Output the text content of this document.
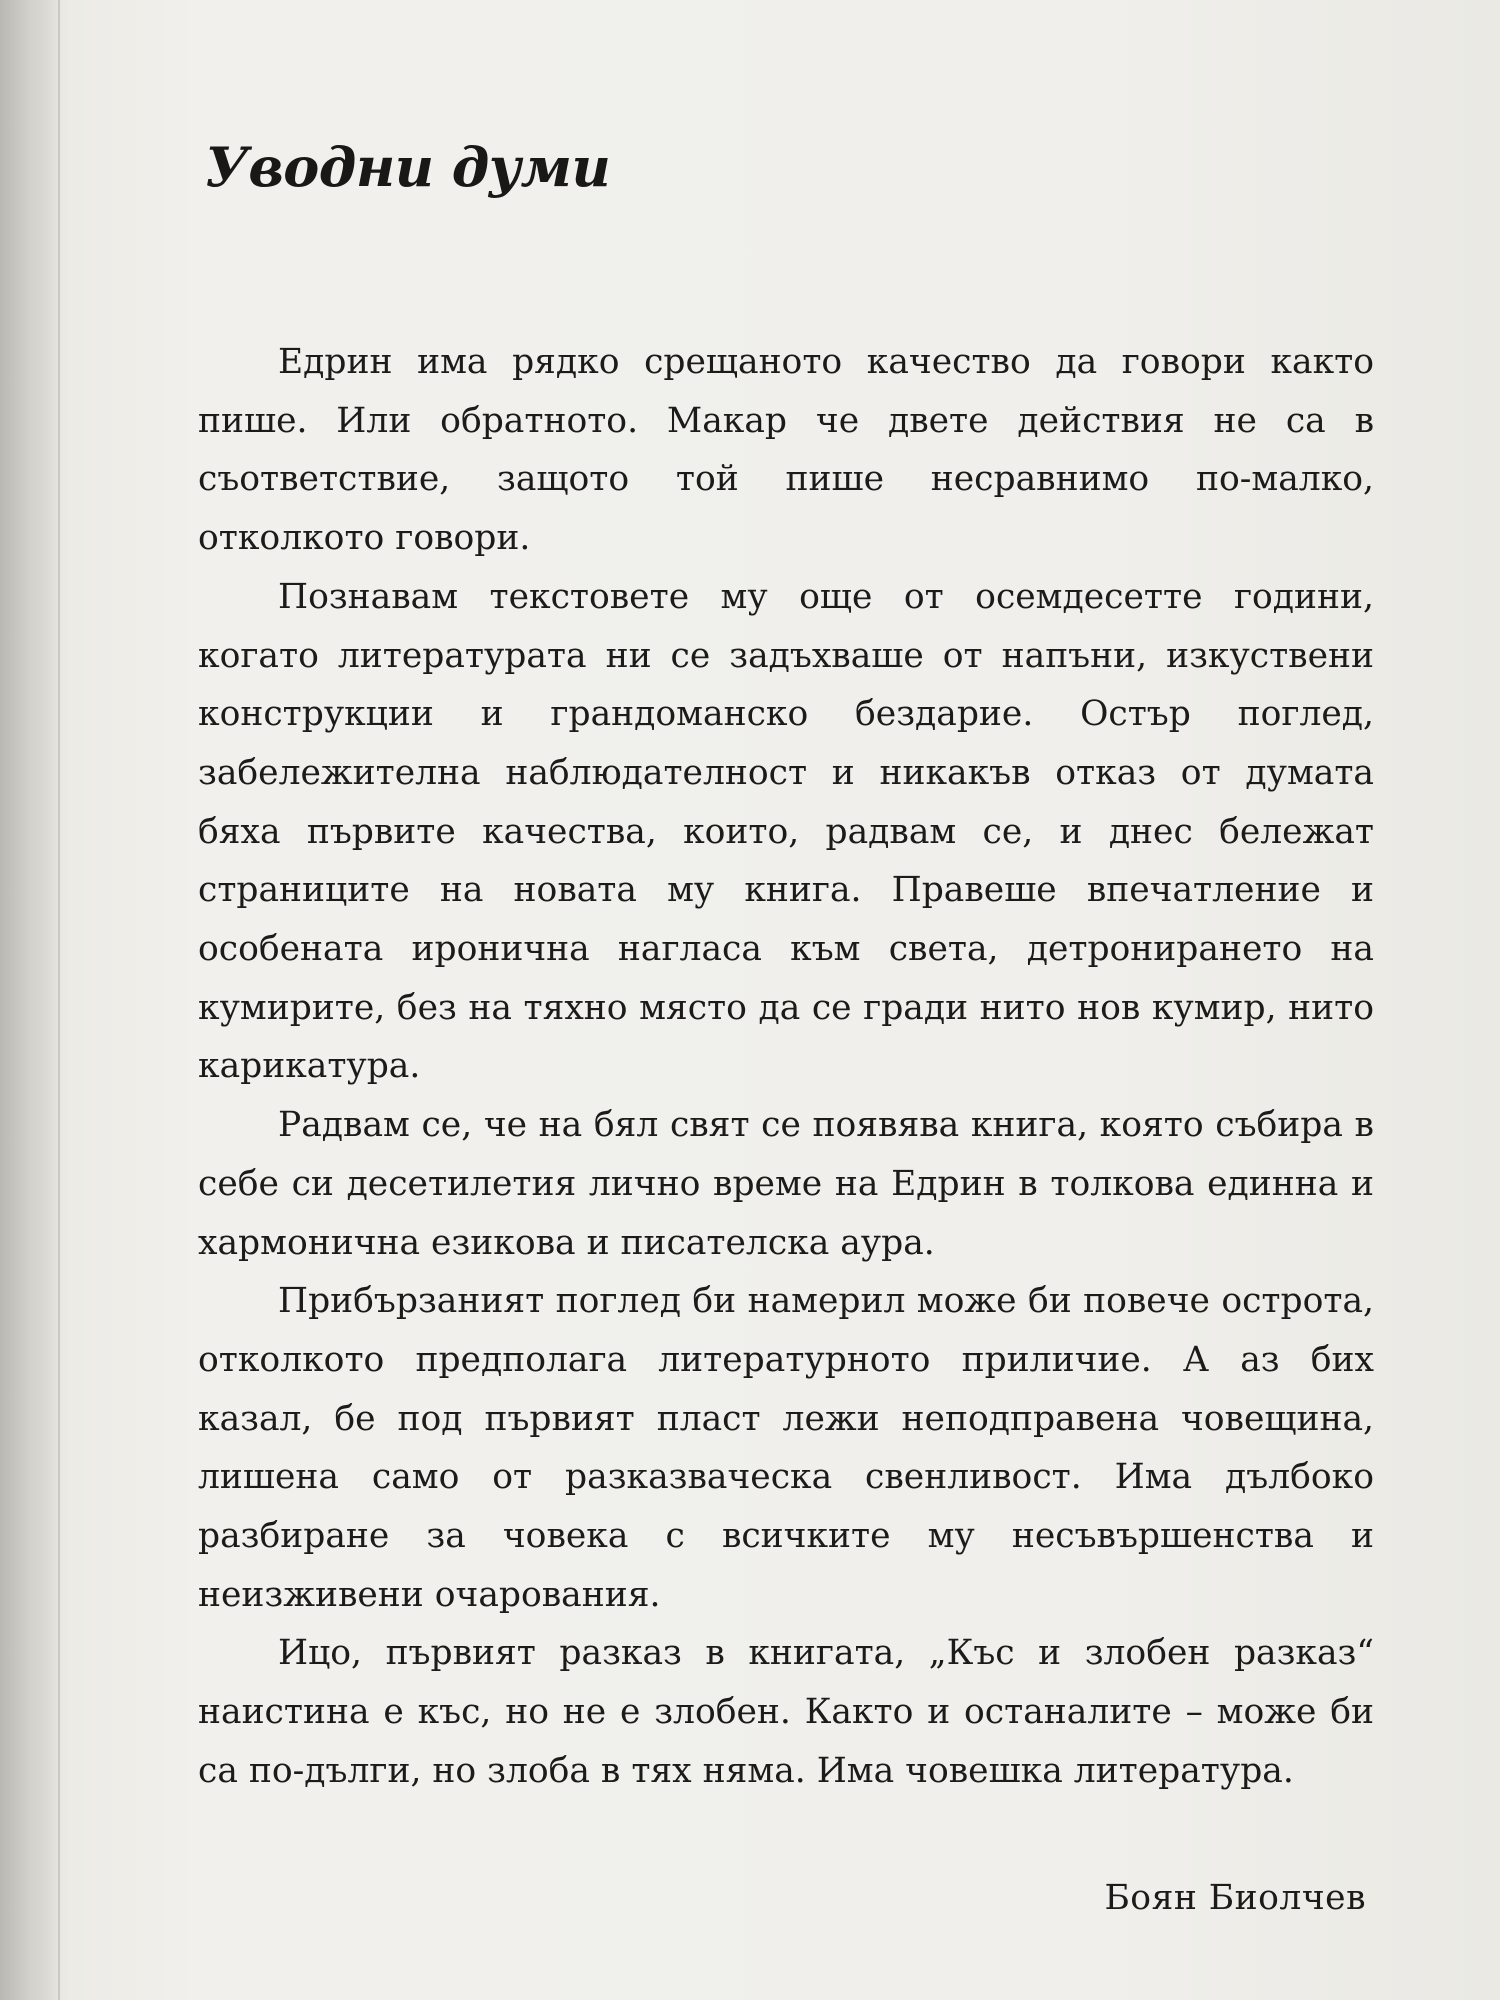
Уводни думи

Едрин има рядко срещаното качество да говори както пише. Или обратното. Макар че двете действия не са в съответствие, защото той пише несравнимо по-малко, отколкото говори.

Познавам текстовете му още от осемдесетте години, когато литературата ни се задъхваше от напъни, изкуствени конструкции и грандоманско бездарие. Остър поглед, забележителна наблюдателност и никакъв отказ от думата бяха първите качества, които, радвам се, и днес бележат страниците на новата му книга. Правеше впечатление и особената иронична нагласа към света, детронирането на кумирите, без на тяхно място да се гради нито нов кумир, нито карикатура.

Радвам се, че на бял свят се появява книга, която събира в себе си десетилетия лично време на Едрин в толкова единна и хармонична езикова и писателска аура.

Прибързаният поглед би намерил може би повече острота, отколкото предполага литературното приличие. А аз бих казал, бе под първият пласт лежи неподправена човещина, лишена само от разказваческа свенливост. Има дълбоко разбиране за човека с всичките му несъвършенства и неизживени очарования.

Ицо, първият разказ в книгата, „Къс и злобен разказ“ наистина е къс, но не е злобен. Както и останалите – може би са по-дълги, но злоба в тях няма. Има човешка литература.

Боян Биолчев
